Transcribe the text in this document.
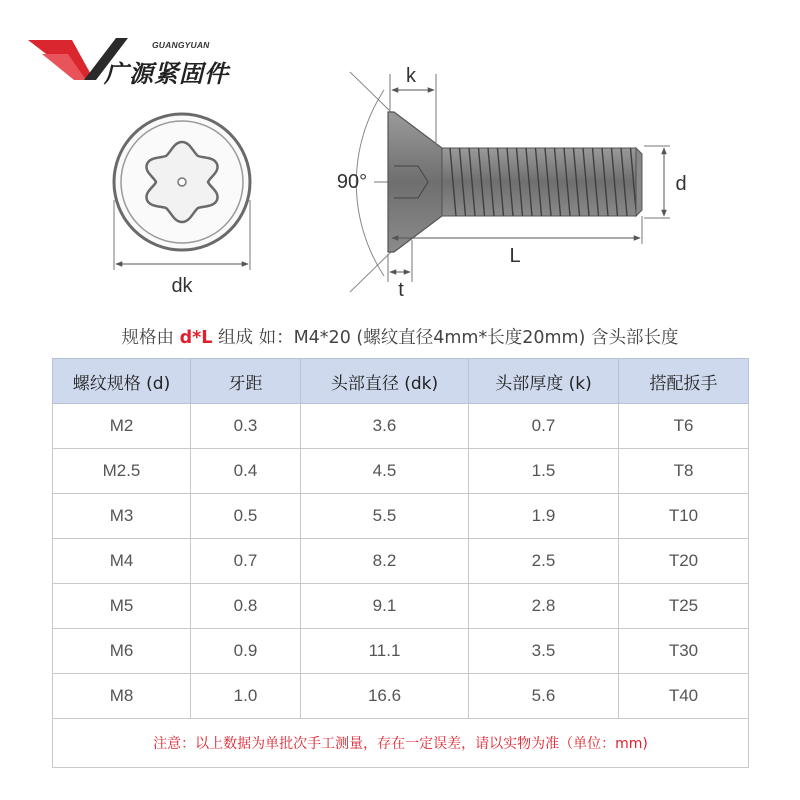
GUANGYUAN
广源紧固件
dk
90°
k
d
L
t
规格由 d*L 组成 如：M4*20 (螺纹直径4mm*长度20mm) 含头部长度
螺纹规格 (d)	牙距	头部直径 (dk)	头部厚度 (k)	搭配扳手
M2	0.3	3.6	0.7	T6
M2.5	0.4	4.5	1.5	T8
M3	0.5	5.5	1.9	T10
M4	0.7	8.2	2.5	T20
M5	0.8	9.1	2.8	T25
M6	0.9	11.1	3.5	T30
M8	1.0	16.6	5.6	T40
注意：以上数据为单批次手工测量，存在一定误差，请以实物为准（单位：mm)				
